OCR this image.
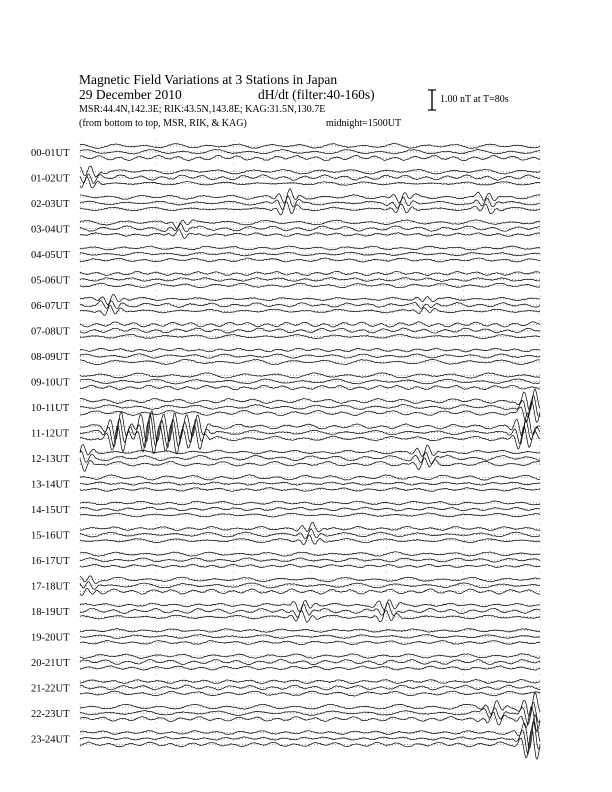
Magnetic Field Variations at 3 Stations in Japan
29 December 2010	dH/dt (filter:40-160s)
MSR:44.4N,142.3E; RIK:43.5N,143.8E; KAG:31.5N,130.7E
(from bottom to top, MSR, RIK, & KAG)	midnight=1500UT
1.00 nT at T=80s
00-01UT
01-02UT
02-03UT
03-04UT
04-05UT
05-06UT
06-07UT
07-08UT
08-09UT
09-10UT
10-11UT
11-12UT
12-13UT
13-14UT
14-15UT
15-16UT
16-17UT
17-18UT
18-19UT
19-20UT
20-21UT
21-22UT
22-23UT
23-24UT
